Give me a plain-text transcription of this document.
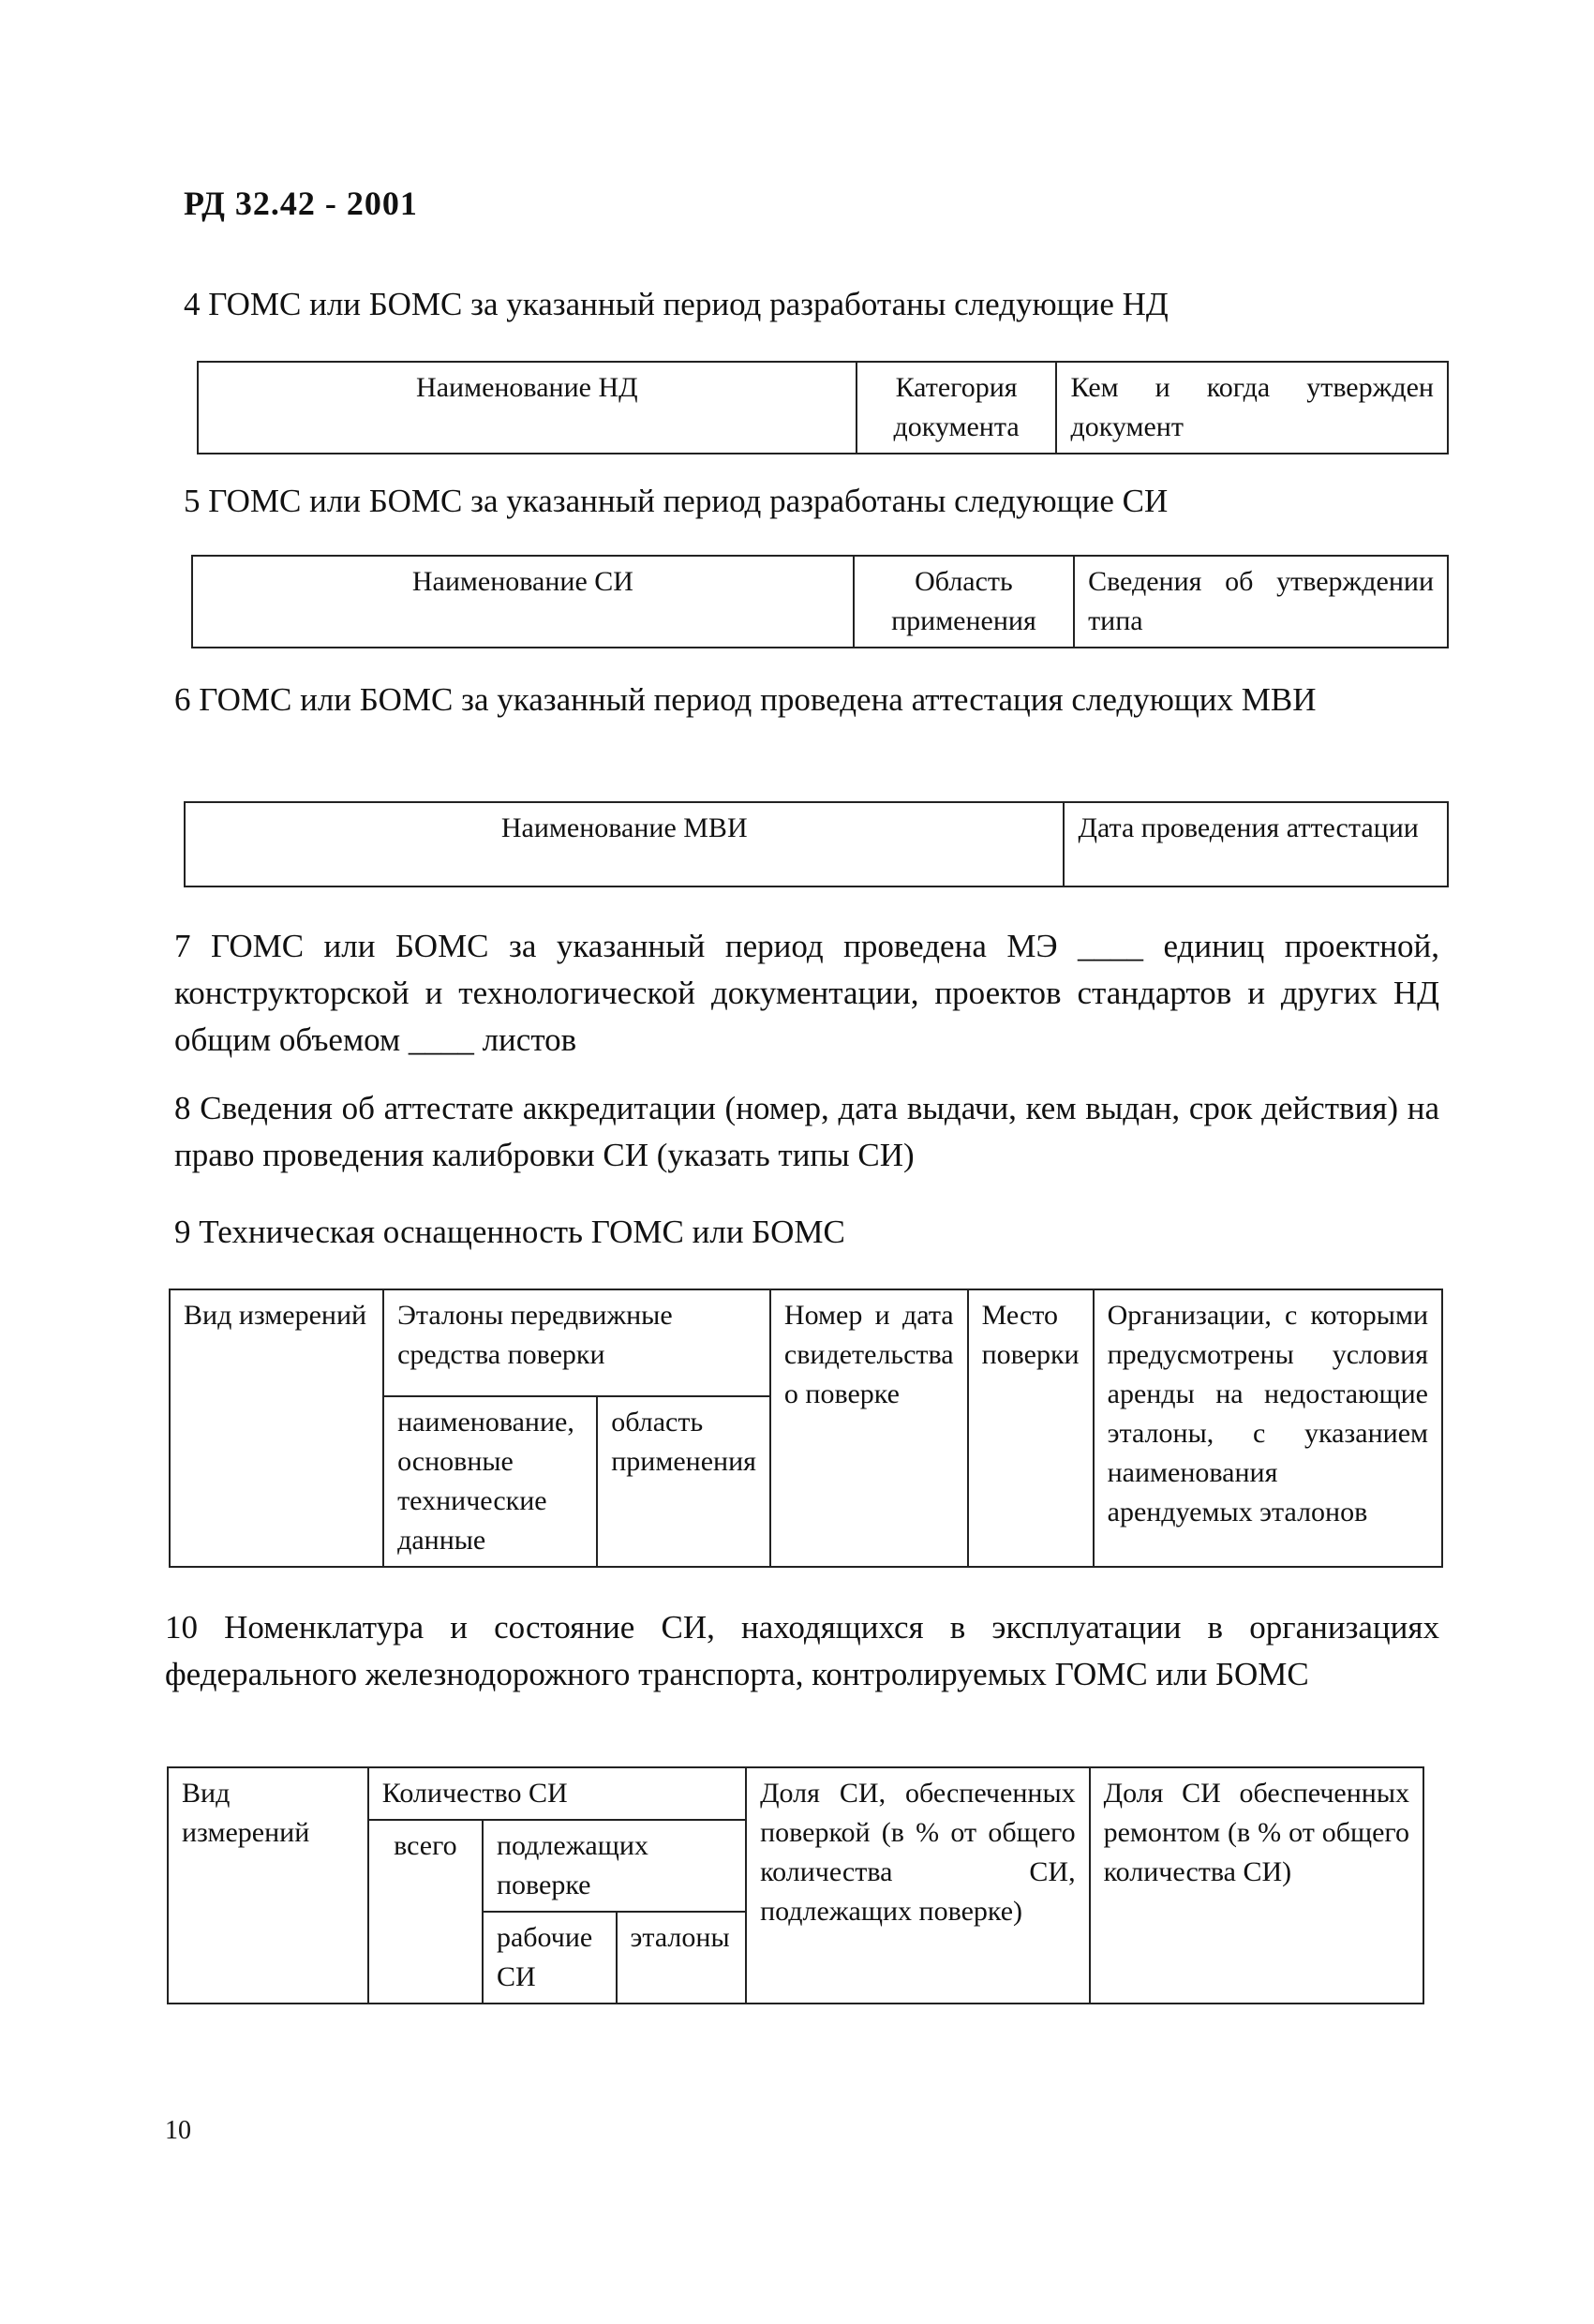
РД 32.42 - 2001
4 ГОМС или БОМС за указанный период разработаны следующие НД
Наименование НД	Категория документа	Кем и когда утвержден документ
5 ГОМС или БОМС за указанный период разработаны следующие СИ
Наименование СИ	Область применения	Сведения об утверждении типа
6 ГОМС или БОМС за указанный период проведена аттестация следующих МВИ
Наименование МВИ	Дата проведения аттестации
7 ГОМС или БОМС за указанный период проведена МЭ ____ единиц проектной, конструкторской и технологической документации, проектов стандартов и других НД общим объемом ____ листов
8 Сведения об аттестате аккредитации (номер, дата выдачи, кем выдан, срок действия) на право проведения калибровки СИ (указать типы СИ)
9 Техническая оснащенность ГОМС или БОМС
Вид измерений	Эталоны передвижные средства поверки		Номер и дата свидетельства о поверке	Место поверки	Организации, с которыми предусмотрены условия аренды на недостающие эталоны, с указанием наименования арендуемых эталонов
	наименование, основные технические данные	область применения			
10 Номенклатура и состояние СИ, находящихся в эксплуатации в организациях федерального железнодорожного транспорта, контролируемых ГОМС или БОМС
Вид измерений	Количество СИ			Доля СИ, обеспеченных поверкой (в % от общего количества СИ, подлежащих поверке)	Доля СИ обеспеченных ремонтом (в % от общего количества СИ)
	всего	подлежащих поверке			
		рабочие СИ	эталоны		
10
